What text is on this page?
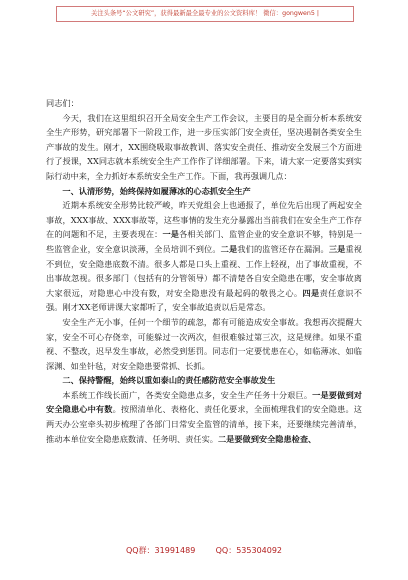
关注头条号“公文研究”，获得最新最全最专业的公文资料库！ 微信：gongwen5 |

同志们：

今天，我们在这里组织召开全局安全生产工作会议，主要目的是全面分析本系统安全生产形势，研究部署下一阶段工作，进一步压实部门安全责任，坚决遏制各类安全生产事故的发生。刚才，XX围绕吸取事故教训、落实安全责任、推动安全发展三个方面进行了授课，XX同志就本系统安全生产工作作了详细部署。下来，请大家一定要落实到实际行动中来，全力抓好本系统安全生产工作。下面，我再强调几点：

一、认清形势，始终保持如履薄冰的心态抓安全生产

近期本系统安全形势比较严峻，昨天党组会上也通报了，单位先后出现了两起安全事故，XXX事故、XXX事故等，这些事情的发生充分暴露出当前我们在安全生产工作存在的问题和不足，主要表现在：一是各相关部门、监管企业的安全意识不够，特别是一些监管企业，安全意识淡薄，全员培训不到位。二是我们的监管还存在漏洞。三是重视不到位，安全隐患底数不清。很多人都是口头上重视、工作上轻视，出了事故重视，不出事故忽视。很多部门（包括有的分管领导）都不清楚各自安全隐患在哪，安全事故离大家很远，对隐患心中没有数，对安全隐患没有最起码的敬畏之心。四是责任意识不强。刚才XX老师讲课大家都听了，安全事故追责以后是常态。

安全生产无小事，任何一个细节的疏忽，都有可能造成安全事故。我想再次提醒大家，安全不可心存侥幸，可能躲过一次两次，但很难躲过第三次，这是规律。如果不重视、不整改，迟早发生事故，必然受到惩罚。同志们一定要忧患在心，如临薄冰、如临深渊、如坐针毡，对安全隐患要常抓、长抓。

二、保持警醒，始终以重如泰山的责任感防范安全事故发生

本系统工作线长面广，各类安全隐患点多，安全生产任务十分艰巨。一是要做到对安全隐患心中有数。按照清单化、表格化、责任化要求，全面梳理我们的安全隐患。这两天办公室牵头初步梳理了各部门日常安全监管的清单，接下来，还要继续完善清单，推动本单位安全隐患底数清、任务明、责任实。二是要做到安全隐患检查、

QQ群：31991489        QQ：535304092
